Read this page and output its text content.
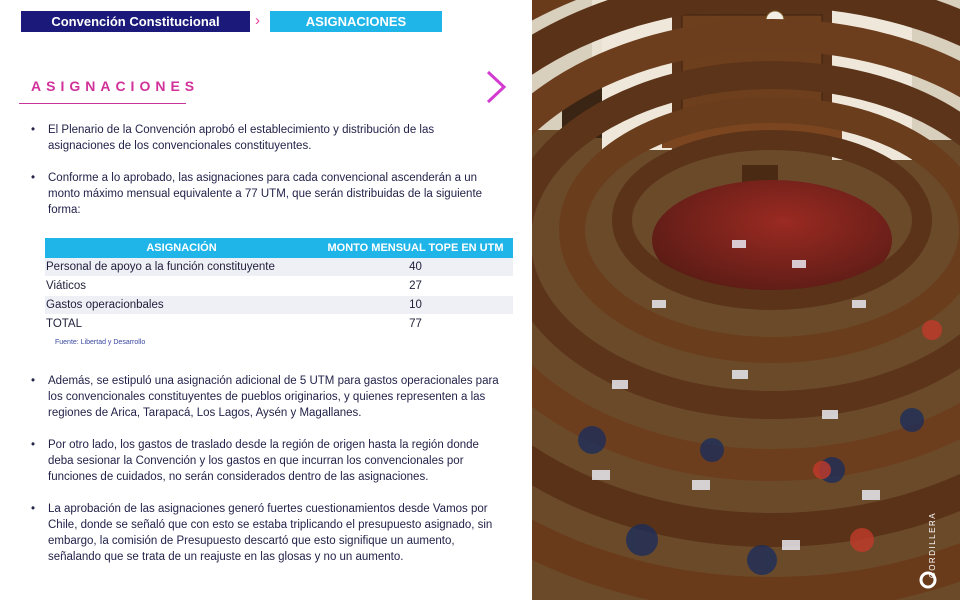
Convención Constitucional	›	ASIGNACIONES
ASIGNACIONES
•	El Plenario de la Convención aprobó el establecimiento y distribución de las asignaciones de los convencionales constituyentes.
•	Conforme a lo aprobado, las asignaciones para cada convencional ascenderán a un monto máximo mensual equivalente a 77 UTM, que serán distribuidas de la siguiente forma:
ASIGNACIÓN	MONTO MENSUAL TOPE EN UTM
Personal de apoyo a la función constituyente	40
Viáticos	27
Gastos operacionbales	10
TOTAL	77
Fuente: Libertad y Desarrollo
•	Además, se estipuló una asignación adicional de 5 UTM para gastos operacionales para los convencionales constituyentes de pueblos originarios, y quienes representen a las regiones de Arica, Tarapacá, Los Lagos, Aysén y Magallanes.
•	Por otro lado, los gastos de traslado desde la región de origen hasta la región donde deba sesionar la Convención y los gastos en que incurran los convencionales por funciones de cuidados, no serán considerados dentro de las asignaciones.
•	La aprobación de las asignaciones generó fuertes cuestionamientos desde Vamos por Chile, donde se señaló que con esto se estaba triplicando el presupuesto asignado, sin embargo, la comisión de Presupuesto descartó que esto signifique un aumento, señalando que se trata de un reajuste en las glosas y no un aumento.	CORDILLERA
